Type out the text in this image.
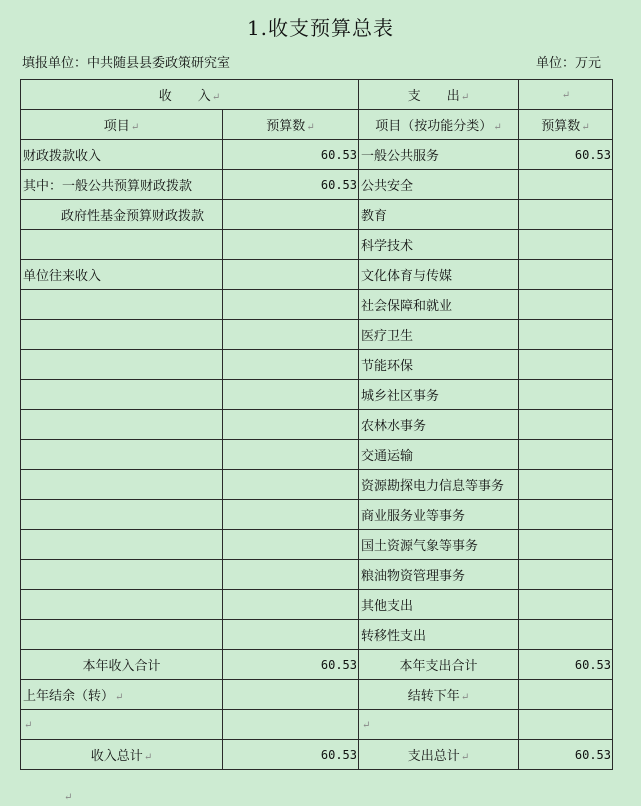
1.收支预算总表
填报单位：中共随县县委政策研究室	单位：万元
收　　入↵		支　　出↵	↵
项目↵	预算数↵	项目（按功能分类）↵	预算数↵
财政拨款收入	60.53	一般公共服务	60.53
其中：一般公共预算财政拨款	60.53	公共安全	
政府性基金预算财政拨款		教育	
		科学技术	
单位往来收入		文化体育与传媒	
		社会保障和就业	
		医疗卫生	
		节能环保	
		城乡社区事务	
		农林水事务	
		交通运输	
		资源勘探电力信息等事务	
		商业服务业等事务	
		国土资源气象等事务	
		粮油物资管理事务	
		其他支出	
		转移性支出	
本年收入合计	60.53	本年支出合计	60.53
上年结余（转）↵		结转下年↵	
↵		↵	
收入总计↵	60.53	支出总计↵	60.53
↵
